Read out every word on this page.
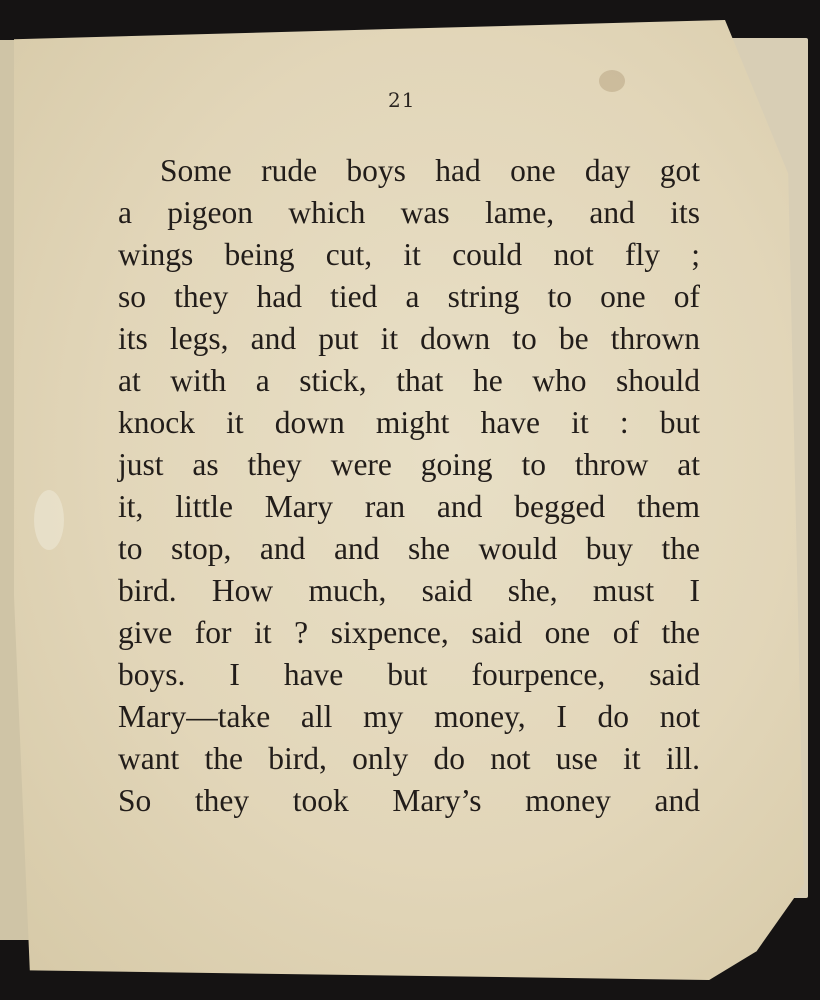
21
Some rude boys had one day got
a pigeon which was lame, and its
wings being cut, it could not fly ;
so they had tied a string to one of
its legs, and put it down to be thrown
at with a stick, that he who should
knock it down might have it : but
just as they were going to throw at
it, little Mary ran and begged them
to stop, and and she would buy the
bird. How much, said she, must I
give for it ? sixpence, said one of the
boys. I have but fourpence, said
Mary—take all my money, I do not
want the bird, only do not use it ill.
So they took Mary’s money and
